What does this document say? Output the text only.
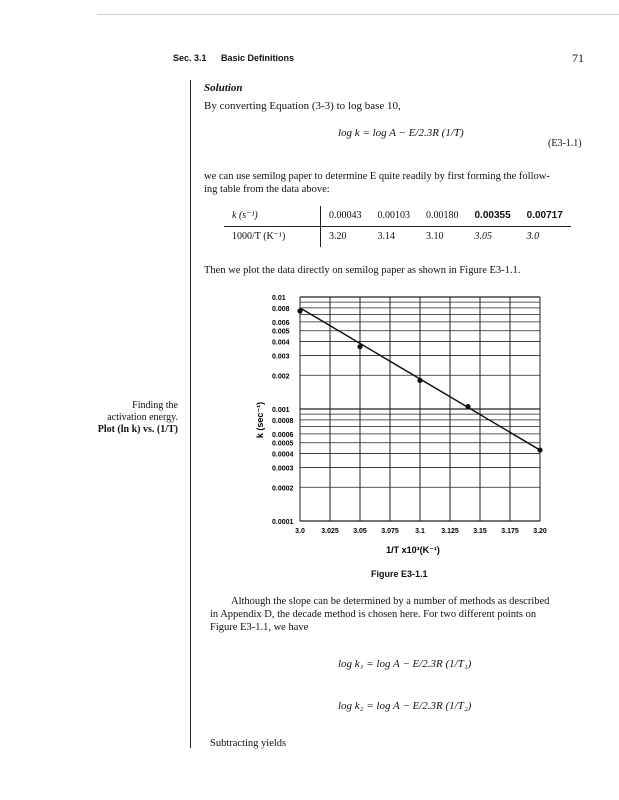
Sec. 3.1 Basic Definitions	71
Solution
By converting Equation (3-3) to log base 10,
log k = log A − E/2.3R (1/T)
(E3-1.1)
we can use semilog paper to determine E quite readily by first forming the follow-
ing table from the data above:
k (s⁻¹)	0.00043	0.00103	0.00180	0.00355	0.00717
1000/T (K⁻¹)	3.20	3.14	3.10	3.05	3.0
Then we plot the data directly on semilog paper as shown in Figure E3-1.1.
Finding the
activation energy.
Plot (ln k) vs. (1/T)
0.01
0.008
0.006
0.005
0.004
0.003
0.002
0.001
0.0008
0.0006
0.0005
0.0004
0.0003
0.0002
0.0001
3.0 3.025 3.05 3.075 3.1 3.125 3.15 3.175 3.20
k (sec⁻¹)
1/T x10³(K⁻¹)
Figure E3-1.1
Although the slope can be determined by a number of methods as described
in Appendix D, the decade method is chosen here. For two different points on
Figure E3-1.1, we have
log k₁ = log A − E/2.3R (1/T₁)
log k₂ = log A − E/2.3R (1/T₂)
Subtracting yields
